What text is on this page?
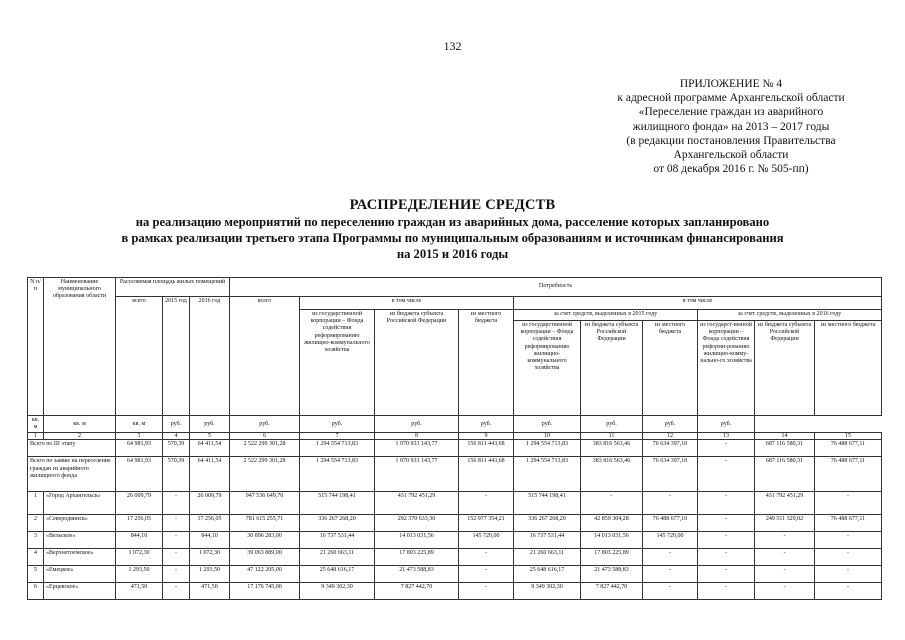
132
ПРИЛОЖЕНИЕ № 4
к адресной программе Архангельской области
«Переселение граждан из аварийного
жилищного фонда» на 2013 – 2017 годы
(в редакции постановления Правительства
Архангельской области
от 08 декабря 2016 г. № 505-пп)
РАСПРЕДЕЛЕНИЕ СРЕДСТВ
на реализацию мероприятий по переселению граждан из аварийных дома, расселение которых запланировано
в рамках реализации третьего этапа Программы по муниципальным образованиям и источникам финансирования
на 2015 и 2016 годы
N п/п	Наименование муниципального образования области	Расселяемая площадь жилых помещений			Потребность									
		всего	2015 год	2016 год	всего	в том числе			в том числе					
						из государственной корпорации – Фонда содействия реформированию жилищно-коммунального хозяйства	из бюджета субъекта Российской Федерации	из местного бюджета	за счет средств, выделенных в 2015 году			за счет средств, выделенных в 2016 году		
									из государственной корпорации – Фонда содействия реформированию жилищно-коммунального хозяйства	из бюджета субъекта Российской Федерации	из местного бюджета	из государст-венной корпорации – Фонда содействия реформи-рованию жилищно-комму-нально-го хозяйства	из бюджета субъекта Российской Федерации	из местного бюджета

кв. м	кв. м	кв. м	руб.	руб.	руб.	руб.	руб.	руб.	руб.	руб.	руб.	руб.		
1	2	3	4	5	6	7	8	9	10	11	12	13	14	15
Всего по III этапу		64 981,93	570,39	64 411,54	2 522 299 301,28	1 294 554 713,83	1 070 933 143,77	156 811 443,68	1 294 554 713,83	383 816 563,46	76 634 397,10	-	687 116 580,31	76 488 677,11
Всего по заявке на переселение граждан из аварийного жилищного фонда		64 981,93	570,39	64 411,54	2 522 299 301,28	1 294 554 713,83	1 070 933 143,77	156 811 443,68	1 294 554 713,83	383 816 563,46	76 634 397,10	-	687 116 580,31	76 488 677,11
1	«Город Архангельск»	26 009,79	-	26 009,79	947 536 649,70	515 744 198,41	431 792 451,29	-	515 744 198,41	-	-	-	431 792 451,29	-
2	«Северодвинск»	17 256,05	-	17 256,05	781 615 255,71	336 267 268,20	292 370 633,30	152 977 354,21	336 267 268,20	42 859 304,28	76 488 677,10	-	249 511 329,02	76 488 677,11
3	«Вельское»	844,10	-	844,10	30 896 283,00	16 737 531,44	14 013 031,56	145 720,00	16 737 531,44	14 013 031,56	145 720,00	-	-	-
4	«Верхнетоемское»	1 072,30	-	1 072,30	39 063 889,00	21 260 663,11	17 803 225,89	-	21 260 663,11	17 803 225,89	-	-	-	-
5	«Емецкое»	1 293,50	-	1 293,50	47 122 205,00	25 648 616,17	21 473 588,83	-	25 648 616,17	21 473 588,83	-	-	-	-
6	«Ерцевское»	471,50	-	471,50	17 176 745,00	9 349 302,30	7 827 442,70	-	9 349 302,30	7 827 442,70	-	-	-	-
